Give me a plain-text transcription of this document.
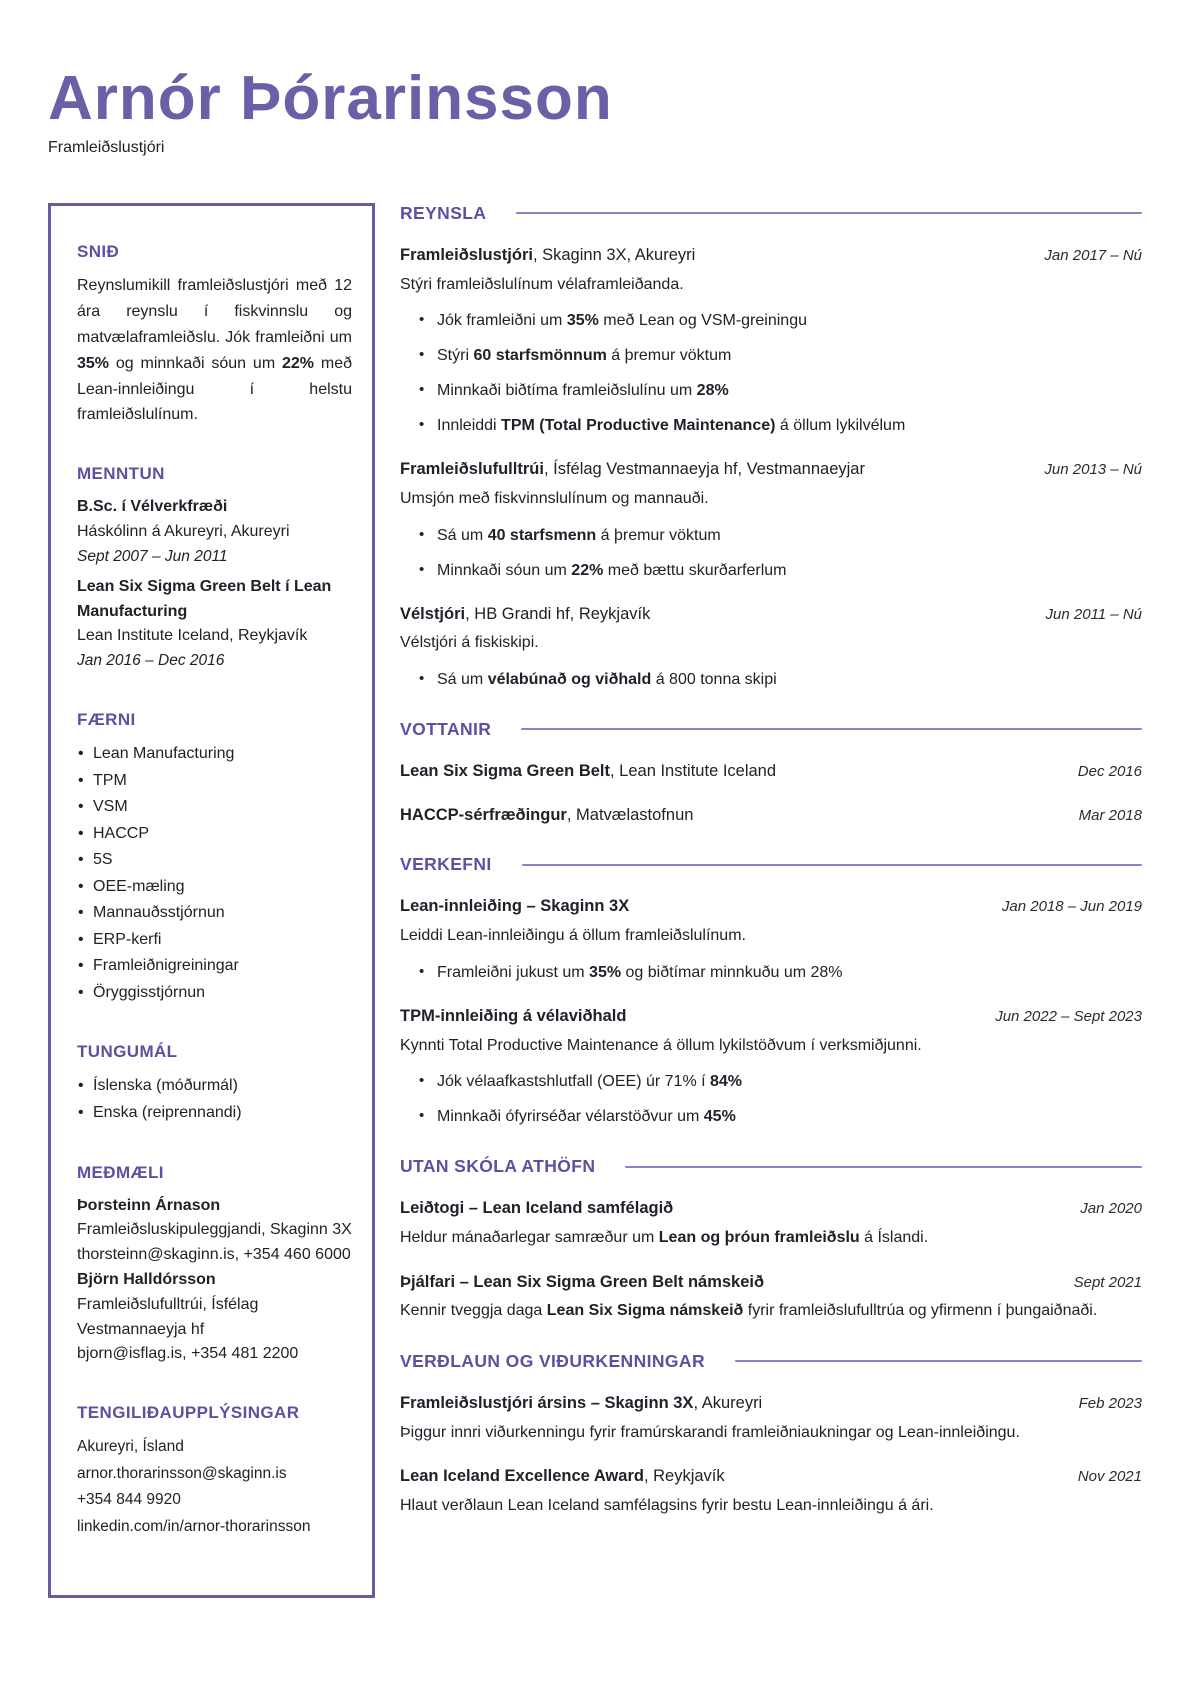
Arnór Þórarinsson
Framleiðslustjóri
SNIÐ

Reynslumikill framleiðslustjóri með 12 ára reynslu í fiskvinnslu og matvælaframleiðslu. Jók framleiðni um 35% og minnkaði sóun um 22% með Lean-innleiðingu í helstu framleiðslulínum.

MENNTUN
B.Sc. í Vélverkfræði
Háskólinn á Akureyri, Akureyri
Sept 2007 – Jun 2011
Lean Six Sigma Green Belt í Lean Manufacturing
Lean Institute Iceland, Reykjavík
Jan 2016 – Dec 2016
FÆRNI
• Lean Manufacturing
• TPM
• VSM
• HACCP
• 5S
• OEE-mæling
• Mannauðsstjórnun
• ERP-kerfi
• Framleiðnigreiningar
• Öryggisstjórnun
TUNGUMÁL
• Íslenska (móðurmál)
• Enska (reiprennandi)
MEÐMÆLI
Þorsteinn Árnason
Framleiðsluskipuleggjandi, Skaginn 3X
thorsteinn@skaginn.is, +354 460 6000
Björn Halldórsson
Framleiðslufulltrúi, Ísfélag Vestmannaeyja hf
bjorn@isflag.is, +354 481 2200
TENGILIÐAUPPLÝSINGAR
Akureyri, Ísland
arnor.thorarinsson@skaginn.is
+354 844 9920
linkedin.com/in/arnor-thorarinsson
REYNSLA
Framleiðslustjóri, Skaginn 3X, Akureyri	Jan 2017 – Nú
Stýri framleiðslulínum vélaframleiðanda.
• Jók framleiðni um 35% með Lean og VSM-greiningu
• Stýri 60 starfsmönnum á þremur vöktum
• Minnkaði biðtíma framleiðslulínu um 28%
• Innleiddi TPM (Total Productive Maintenance) á öllum lykilvélum
Framleiðslufulltrúi, Ísfélag Vestmannaeyja hf, Vestmannaeyjar	Jun 2013 – Nú
Umsjón með fiskvinnslulínum og mannauði.
• Sá um 40 starfsmenn á þremur vöktum
• Minnkaði sóun um 22% með bættu skurðarferlum
Vélstjóri, HB Grandi hf, Reykjavík	Jun 2011 – Nú
Vélstjóri á fiskiskipi.
• Sá um vélabúnað og viðhald á 800 tonna skipi
VOTTANIR
Lean Six Sigma Green Belt, Lean Institute Iceland	Dec 2016
HACCP-sérfræðingur, Matvælastofnun	Mar 2018
VERKEFNI
Lean-innleiðing – Skaginn 3X	Jan 2018 – Jun 2019
Leiddi Lean-innleiðingu á öllum framleiðslulínum.
• Framleiðni jukust um 35% og biðtímar minnkuðu um 28%
TPM-innleiðing á vélaviðhald	Jun 2022 – Sept 2023
Kynnti Total Productive Maintenance á öllum lykilstöðvum í verksmiðjunni.
• Jók vélaafkastshlutfall (OEE) úr 71% í 84%
• Minnkaði ófyrirséðar vélarstöðvur um 45%
UTAN SKÓLA ATHÖFN
Leiðtogi – Lean Iceland samfélagið	Jan 2020
Heldur mánaðarlegar samræður um Lean og þróun framleiðslu á Íslandi.
Þjálfari – Lean Six Sigma Green Belt námskeið	Sept 2021
Kennir tveggja daga Lean Six Sigma námskeið fyrir framleiðslufulltrúa og yfirmenn í þungaiðnaði.
VERÐLAUN OG VIÐURKENNINGAR
Framleiðslustjóri ársins – Skaginn 3X, Akureyri	Feb 2023
Þiggur innri viðurkenningu fyrir framúrskarandi framleiðniaukningar og Lean-innleiðingu.
Lean Iceland Excellence Award, Reykjavík	Nov 2021
Hlaut verðlaun Lean Iceland samfélagsins fyrir bestu Lean-innleiðingu á ári.
